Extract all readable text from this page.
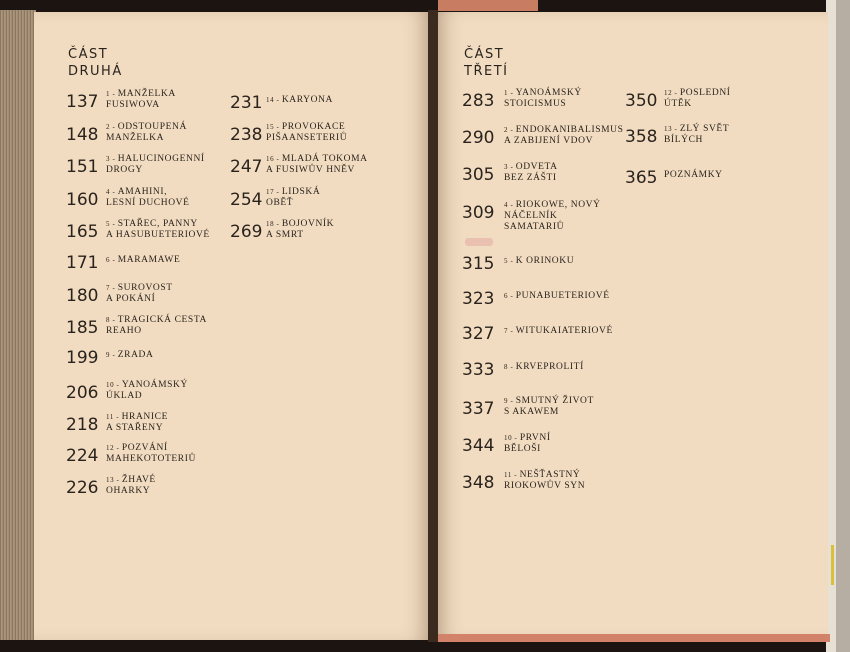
ČÁST
DRUHÁ
137 1 - MANŽELKA
FUSIWOVA
148 2 - ODSTOUPENÁ
MANŽELKA
151 3 - HALUCINOGENNÍ
DROGY
160 4 - AMAHINI,
LESNÍ DUCHOVÉ
165 5 - STAŘEC, PANNY
A HASUBUETERIOVÉ
171 6 - MARAMAWE
180 7 - SUROVOST
A POKÁNÍ
185 8 - TRAGICKÁ CESTA
REAHO
199 9 - ZRADA
206 10 - YANOÁMSKÝ
ÚKLAD
218 11 - HRANICE
A STAŘENY
224 12 - POZVÁNÍ
MAHEKOTOTERIŮ
226 13 - ŽHAVÉ
OHARKY
231 14 - KARYONA
238 15 - PROVOKACE
PIŠAANSETERIŮ
247 16 - MLADÁ TOKOMA
A FUSIWŮV HNĚV
254 17 - LIDSKÁ
OBĚŤ
269 18 - BOJOVNÍK
A SMRT
ČÁST
TŘETÍ
283 1 - YANOÁMSKÝ
STOICISMUS
290 2 - ENDOKANIBALISMUS
A ZABIJENÍ VDOV
305 3 - ODVETA
BEZ ZÁŠTI
309 4 - RIOKOWE, NOVÝ
NÁČELNÍK
SAMATARIŮ
315 5 - K ORINOKU
323 6 - PUNABUETERIOVÉ
327 7 - WITUKAIATERIOVÉ
333 8 - KRVEPROLITÍ
337 9 - SMUTNÝ ŽIVOT
S AKAWEM
344 10 - PRVNÍ
BĚLOŠI
348 11 - NEŠŤASTNÝ
RIOKOWŮV SYN
350 12 - POSLEDNÍ
ÚTĚK
358 13 - ZLÝ SVĚT
BÍLÝCH
365 POZNÁMKY
